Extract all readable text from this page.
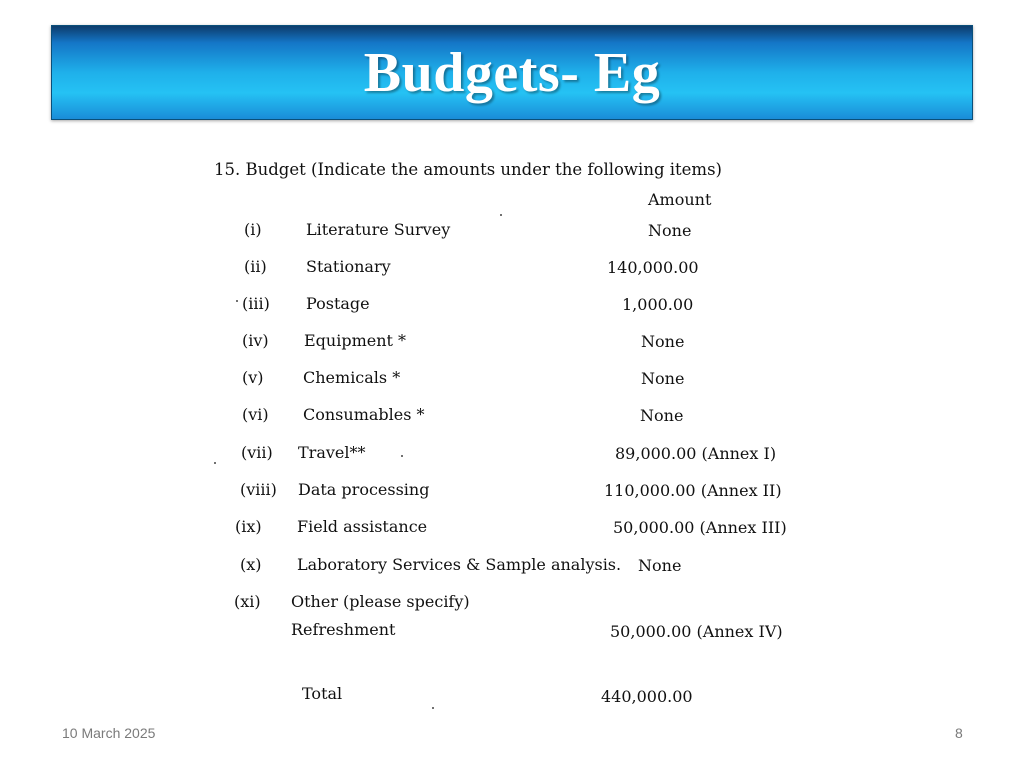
Budgets- Eg
15. Budget (Indicate the amounts under the following items)
Amount
(i)	Literature Survey	None
(ii) Stationary	140,000.00
(iii) Postage	1,000.00
(iv) Equipment *	None
(v) Chemicals *	None
(vi) Consumables *	None
(vii) Travel**	89,000.00 (Annex I)
(viii) Data processing	110,000.00 (Annex II)
(ix) Field assistance	50,000.00 (Annex III)
(x) Laboratory Services & Sample analysis. None
(xi) Other (please specify)
Refreshment	50,000.00 (Annex IV)
Total	440,000.00
10 March 2025	8
